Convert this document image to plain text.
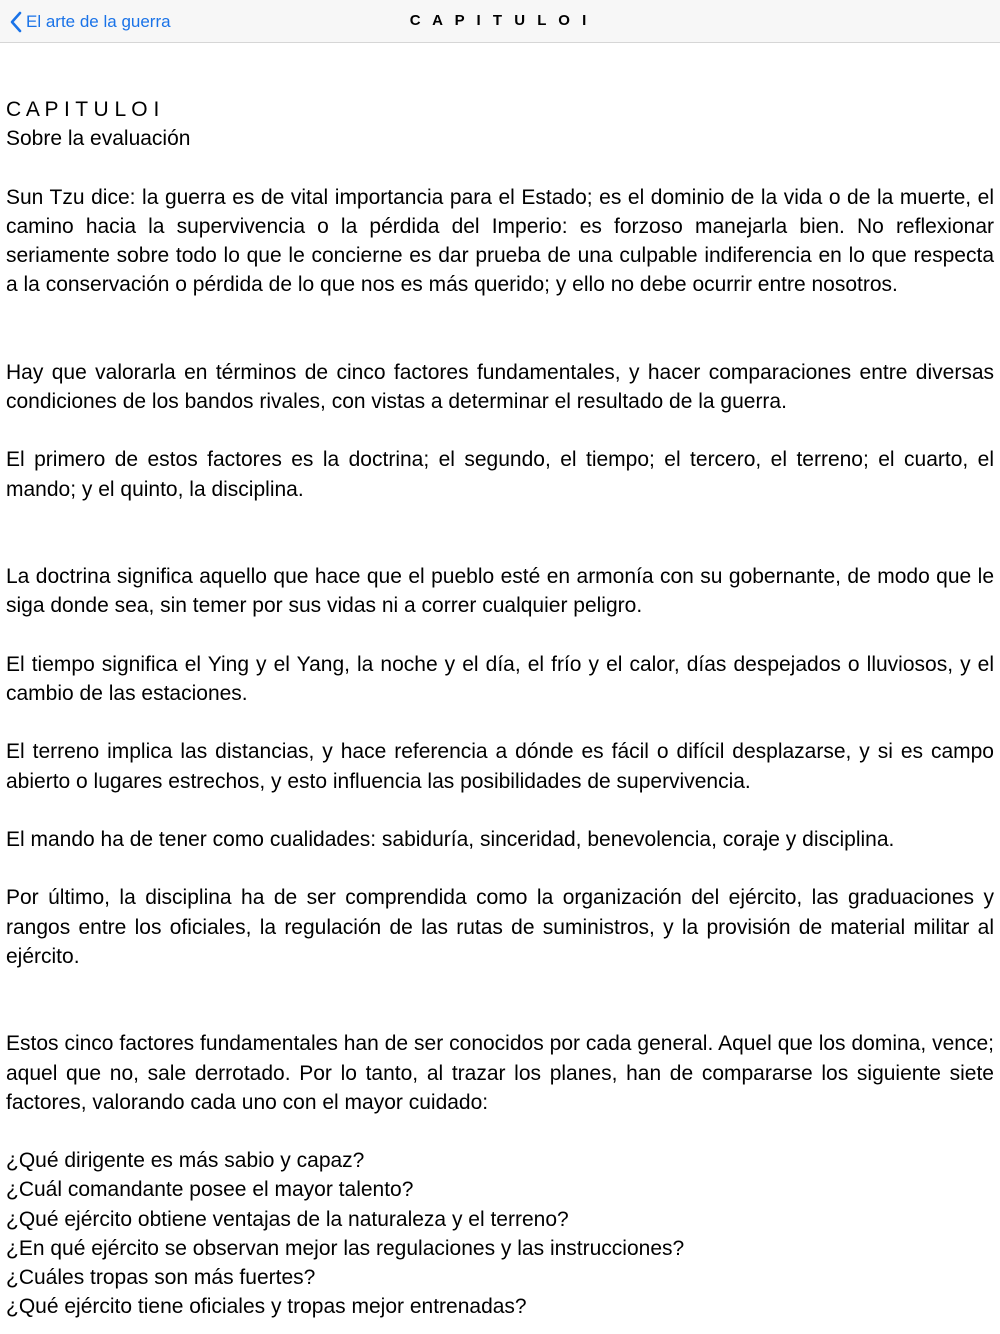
El arte de la guerra	C A P I T U L O I
C A P I T U L O I
Sobre la evaluación

Sun Tzu dice: la guerra es de vital importancia para el Estado; es el dominio de la vida o de la muerte, el camino hacia la supervivencia o la pérdida del Imperio: es forzoso manejarla bien. No reflexionar seriamente sobre todo lo que le concierne es dar prueba de una culpable indiferencia en lo que respecta a la conservación o pérdida de lo que nos es más querido; y ello no debe ocurrir entre nosotros.

Hay que valorarla en términos de cinco factores fundamentales, y hacer comparaciones entre diversas condiciones de los bandos rivales, con vistas a determinar el resultado de la guerra.

El primero de estos factores es la doctrina; el segundo, el tiempo; el tercero, el terreno; el cuarto, el mando; y el quinto, la disciplina.

La doctrina significa aquello que hace que el pueblo esté en armonía con su gobernante, de modo que le siga donde sea, sin temer por sus vidas ni a correr cualquier peligro.

El tiempo significa el Ying y el Yang, la noche y el día, el frío y el calor, días despejados o lluviosos, y el cambio de las estaciones.

El terreno implica las distancias, y hace referencia a dónde es fácil o difícil desplazarse, y si es campo abierto o lugares estrechos, y esto influencia las posibilidades de supervivencia.

El mando ha de tener como cualidades: sabiduría, sinceridad, benevolencia, coraje y disciplina.

Por último, la disciplina ha de ser comprendida como la organización del ejército, las graduaciones y rangos entre los oficiales, la regulación de las rutas de suministros, y la provisión de material militar al ejército.

Estos cinco factores fundamentales han de ser conocidos por cada general. Aquel que los domina, vence; aquel que no, sale derrotado. Por lo tanto, al trazar los planes, han de compararse los siguiente siete factores, valorando cada uno con el mayor cuidado:

¿Qué dirigente es más sabio y capaz?
¿Cuál comandante posee el mayor talento?
¿Qué ejército obtiene ventajas de la naturaleza y el terreno?
¿En qué ejército se observan mejor las regulaciones y las instrucciones?
¿Cuáles tropas son más fuertes?
¿Qué ejército tiene oficiales y tropas mejor entrenadas?
